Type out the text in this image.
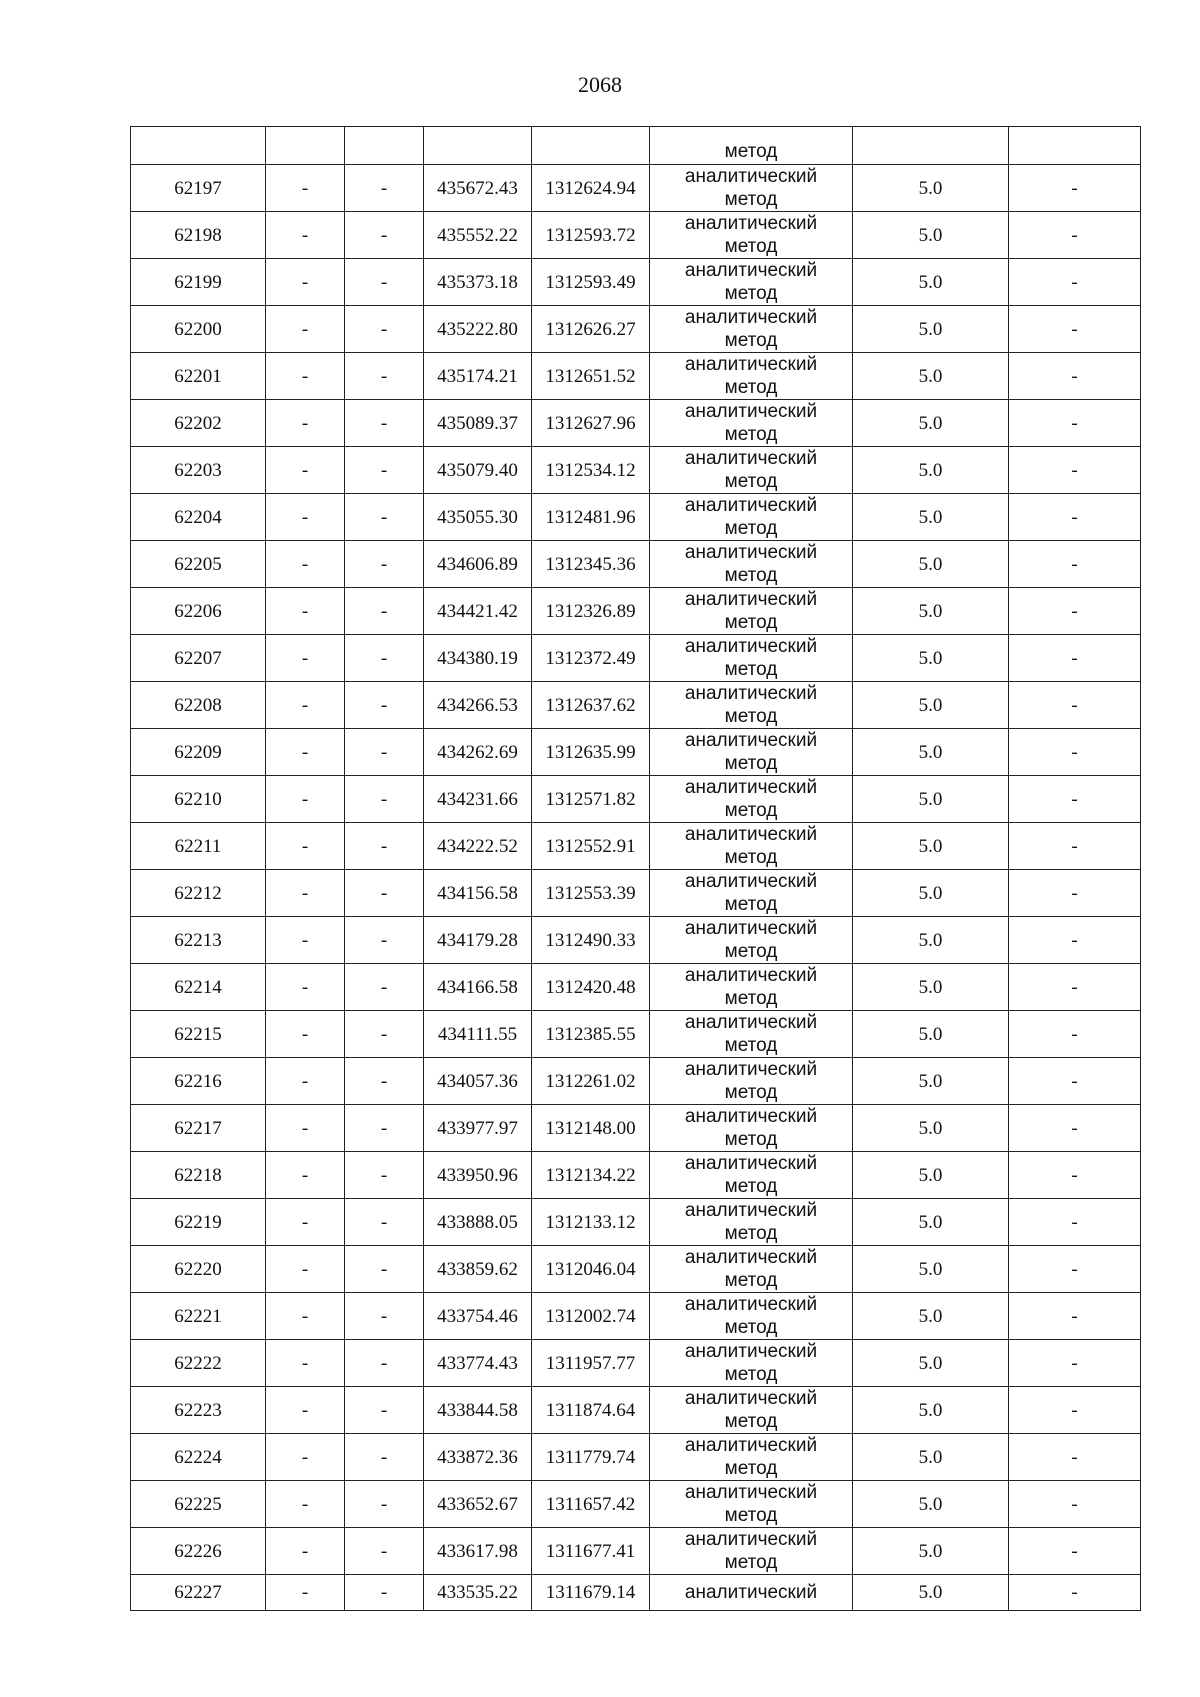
2068

					метод		

62197	-	-	435672.43	1312624.94	аналитический
метод	5.0	-
62198	-	-	435552.22	1312593.72	аналитический
метод	5.0	-
62199	-	-	435373.18	1312593.49	аналитический
метод	5.0	-
62200	-	-	435222.80	1312626.27	аналитический
метод	5.0	-
62201	-	-	435174.21	1312651.52	аналитический
метод	5.0	-
62202	-	-	435089.37	1312627.96	аналитический
метод	5.0	-
62203	-	-	435079.40	1312534.12	аналитический
метод	5.0	-
62204	-	-	435055.30	1312481.96	аналитический
метод	5.0	-
62205	-	-	434606.89	1312345.36	аналитический
метод	5.0	-
62206	-	-	434421.42	1312326.89	аналитический
метод	5.0	-
62207	-	-	434380.19	1312372.49	аналитический
метод	5.0	-
62208	-	-	434266.53	1312637.62	аналитический
метод	5.0	-
62209	-	-	434262.69	1312635.99	аналитический
метод	5.0	-
62210	-	-	434231.66	1312571.82	аналитический
метод	5.0	-
62211	-	-	434222.52	1312552.91	аналитический
метод	5.0	-
62212	-	-	434156.58	1312553.39	аналитический
метод	5.0	-
62213	-	-	434179.28	1312490.33	аналитический
метод	5.0	-
62214	-	-	434166.58	1312420.48	аналитический
метод	5.0	-
62215	-	-	434111.55	1312385.55	аналитический
метод	5.0	-
62216	-	-	434057.36	1312261.02	аналитический
метод	5.0	-
62217	-	-	433977.97	1312148.00	аналитический
метод	5.0	-
62218	-	-	433950.96	1312134.22	аналитический
метод	5.0	-
62219	-	-	433888.05	1312133.12	аналитический
метод	5.0	-
62220	-	-	433859.62	1312046.04	аналитический
метод	5.0	-
62221	-	-	433754.46	1312002.74	аналитический
метод	5.0	-
62222	-	-	433774.43	1311957.77	аналитический
метод	5.0	-
62223	-	-	433844.58	1311874.64	аналитический
метод	5.0	-
62224	-	-	433872.36	1311779.74	аналитический
метод	5.0	-
62225	-	-	433652.67	1311657.42	аналитический
метод	5.0	-
62226	-	-	433617.98	1311677.41	аналитический
метод	5.0	-
62227	-	-	433535.22	1311679.14	аналитический	5.0	-
